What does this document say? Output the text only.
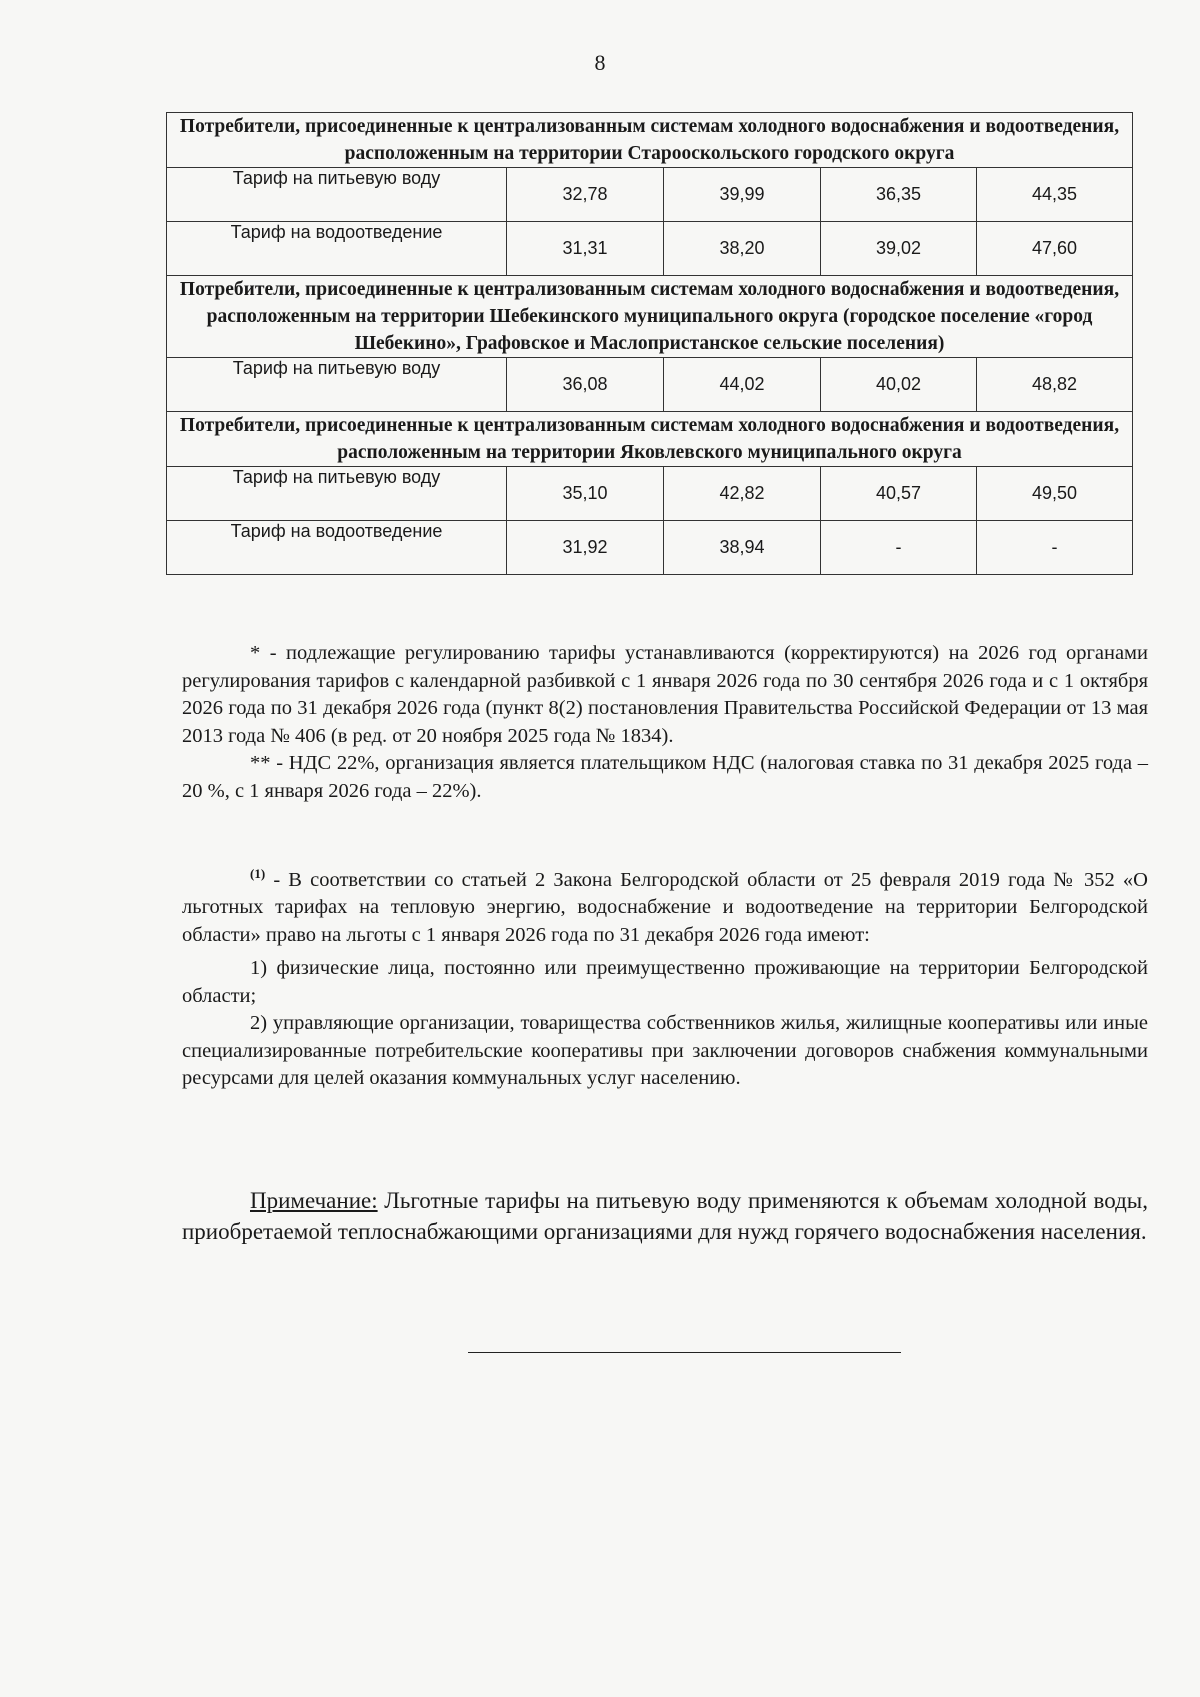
8
Потребители, присоединенные к централизованным системам холодного водоснабжения и водоотведения, расположенным на территории Старооскольского городского округа				
Тариф на питьевую воду	32,78	39,99	36,35	44,35
Тариф на водоотведение	31,31	38,20	39,02	47,60
Потребители, присоединенные к централизованным системам холодного водоснабжения и водоотведения, расположенным на территории Шебекинского муниципального округа (городское поселение «город Шебекино», Графовское и Маслопристанское сельские поселения)				
Тариф на питьевую воду	36,08	44,02	40,02	48,82
Потребители, присоединенные к централизованным системам холодного водоснабжения и водоотведения, расположенным на территории Яковлевского муниципального округа				
Тариф на питьевую воду	35,10	42,82	40,57	49,50
Тариф на водоотведение	31,92	38,94	-	-

* - подлежащие регулированию тарифы устанавливаются (корректируются) на 2026 год органами регулирования тарифов с календарной разбивкой с 1 января 2026 года по 30 сентября 2026 года и с 1 октября 2026 года по 31 декабря 2026 года (пункт 8(2) постановления Правительства Российской Федерации от 13 мая 2013 года № 406 (в ред. от 20 ноября 2025 года № 1834).

** - НДС 22%, организация является плательщиком НДС (налоговая ставка по 31 декабря 2025 года – 20 %, с 1 января 2026 года – 22%).

$^{(1)}$ - В соответствии со статьей 2 Закона Белгородской области от 25 февраля 2019 года № 352 «О льготных тарифах на тепловую энергию, водоснабжение и водоотведение на территории Белгородской области» право на льготы с 1 января 2026 года по 31 декабря 2026 года имеют:

1) физические лица, постоянно или преимущественно проживающие на территории Белгородской области;

2) управляющие организации, товарищества собственников жилья, жилищные кооперативы или иные специализированные потребительские кооперативы при заключении договоров снабжения коммунальными ресурсами для целей оказания коммунальных услуг населению.

Примечание: Льготные тарифы на питьевую воду применяются к объемам холодной воды, приобретаемой теплоснабжающими организациями для нужд горячего водоснабжения населения.
